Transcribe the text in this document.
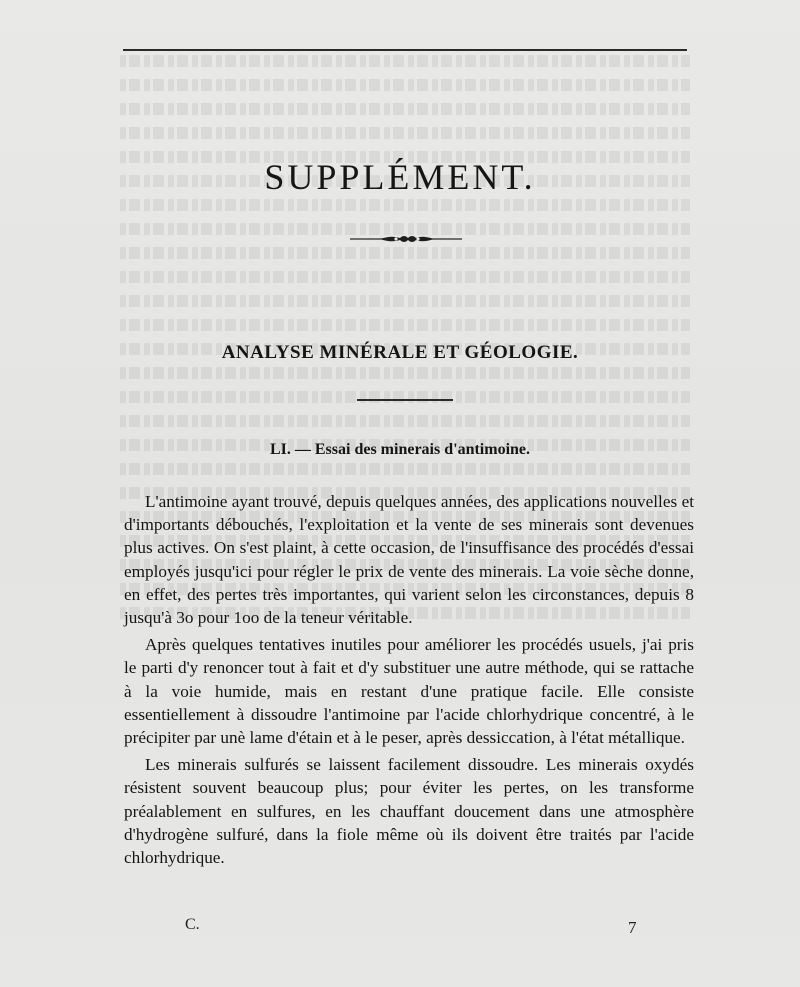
SUPPLÉMENT.
ANALYSE MINÉRALE ET GÉOLOGIE.
LI. — Essai des minerais d'antimoine.

L'antimoine ayant trouvé, depuis quelques années, des applications nouvelles et d'importants débouchés, l'exploitation et la vente de ses minerais sont devenues plus actives. On s'est plaint, à cette occasion, de l'insuffisance des procédés d'essai employés jusqu'ici pour régler le prix de vente des minerais. La voie sèche donne, en effet, des pertes très importantes, qui varient selon les circonstances, depuis 8 jusqu'à 3o pour 1oo de la teneur véritable.

Après quelques tentatives inutiles pour améliorer les procédés usuels, j'ai pris le parti d'y renoncer tout à fait et d'y substituer une autre méthode, qui se rattache à la voie humide, mais en restant d'une pratique facile. Elle consiste essentiellement à dissoudre l'antimoine par l'acide chlorhydrique concentré, à le précipiter par unè lame d'étain et à le peser, après dessiccation, à l'état métallique.

Les minerais sulfurés se laissent facilement dissoudre. Les minerais oxydés résistent souvent beaucoup plus; pour éviter les pertes, on les transforme préalablement en sulfures, en les chauffant doucement dans une atmosphère d'hydrogène sulfuré, dans la fiole même où ils doivent être traités par l'acide chlorhydrique.

C.	7
